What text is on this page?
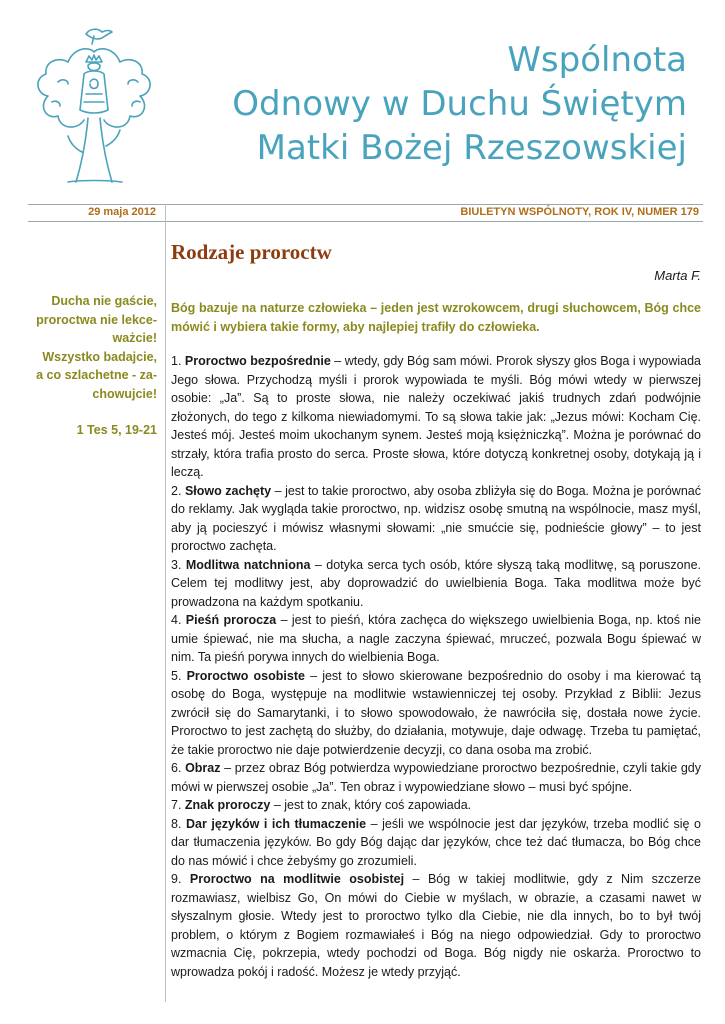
Wspólnota
Odnowy w Duchu Świętym
Matki Bożej Rzeszowskiej
29 maja 2012	BIULETYN WSPÓLNOTY, ROK IV, NUMER 179
Ducha nie gaście,
proroctwa nie lekce-
ważcie!
Wszystko badajcie,
a co szlachetne - za-
chowujcie!
1 Tes 5, 19-21
Rodzaje proroctw
Marta F.
Bóg bazuje na naturze człowieka – jeden jest wzrokowcem, drugi słuchowcem, Bóg chce mówić i wybiera takie formy, aby najlepiej trafiły do człowieka.
1. Proroctwo bezpośrednie – wtedy, gdy Bóg sam mówi. Prorok słyszy głos Boga i wypowiada Jego słowa. Przychodzą myśli i prorok wypowiada te myśli. Bóg mówi wtedy w pierwszej osobie: „Ja”. Są to proste słowa, nie należy oczekiwać jakiś trudnych zdań podwójnie złożonych, do tego z kilkoma niewiadomymi. To są słowa takie jak: „Jezus mówi: Kocham Cię. Jesteś mój. Jesteś moim ukochanym synem. Jesteś moją księżniczką”. Można je porównać do strzały, która trafia prosto do serca. Proste słowa, które dotyczą konkretnej osoby, dotykają ją i leczą.
2. Słowo zachęty – jest to takie proroctwo, aby osoba zbliżyła się do Boga. Można je porównać do reklamy. Jak wygląda takie proroctwo, np. widzisz osobę smutną na wspólnocie, masz myśl, aby ją pocieszyć i mówisz własnymi słowami: „nie smućcie się, podnieście głowy” – to jest proroctwo zachęta.
3. Modlitwa natchniona – dotyka serca tych osób, które słyszą taką modlitwę, są poruszone. Celem tej modlitwy jest, aby doprowadzić do uwielbienia Boga. Taka modlitwa może być prowadzona na każdym spotkaniu.
4. Pieśń prorocza – jest to pieśń, która zachęca do większego uwielbienia Boga, np. ktoś nie umie śpiewać, nie ma słucha, a nagle zaczyna śpiewać, mruczeć, pozwala Bogu śpiewać w nim. Ta pieśń porywa innych do wielbienia Boga.
5. Proroctwo osobiste – jest to słowo skierowane bezpośrednio do osoby i ma kierować tą osobę do Boga, występuje na modlitwie wstawienniczej tej osoby. Przykład z Biblii: Jezus zwrócił się do Samarytanki, i to słowo spowodowało, że nawróciła się, dostała nowe życie. Proroctwo to jest zachętą do służby, do działania, motywuje, daje odwagę. Trzeba tu pamiętać, że takie proroctwo nie daje potwierdzenie decyzji, co dana osoba ma zrobić.
6. Obraz – przez obraz Bóg potwierdza wypowiedziane proroctwo bezpośrednie, czyli takie gdy mówi w pierwszej osobie „Ja”. Ten obraz i wypowiedziane słowo – musi być spójne.
7. Znak proroczy – jest to znak, który coś zapowiada.
8. Dar języków i ich tłumaczenie – jeśli we wspólnocie jest dar języków, trzeba modlić się o dar tłumaczenia języków. Bo gdy Bóg dając dar języków, chce też dać tłumacza, bo Bóg chce do nas mówić i chce żebyśmy go zrozumieli.
9. Proroctwo na modlitwie osobistej – Bóg w takiej modlitwie, gdy z Nim szczerze rozmawiasz, wielbisz Go, On mówi do Ciebie w myślach, w obrazie, a czasami nawet w słyszalnym głosie. Wtedy jest to proroctwo tylko dla Ciebie, nie dla innych, bo to był twój problem, o którym z Bogiem rozmawiałeś i Bóg na niego odpowiedział. Gdy to proroctwo wzmacnia Cię, pokrzepia, wtedy pochodzi od Boga. Bóg nigdy nie oskarża. Proroctwo to wprowadza pokój i radość. Możesz je wtedy przyjąć.
